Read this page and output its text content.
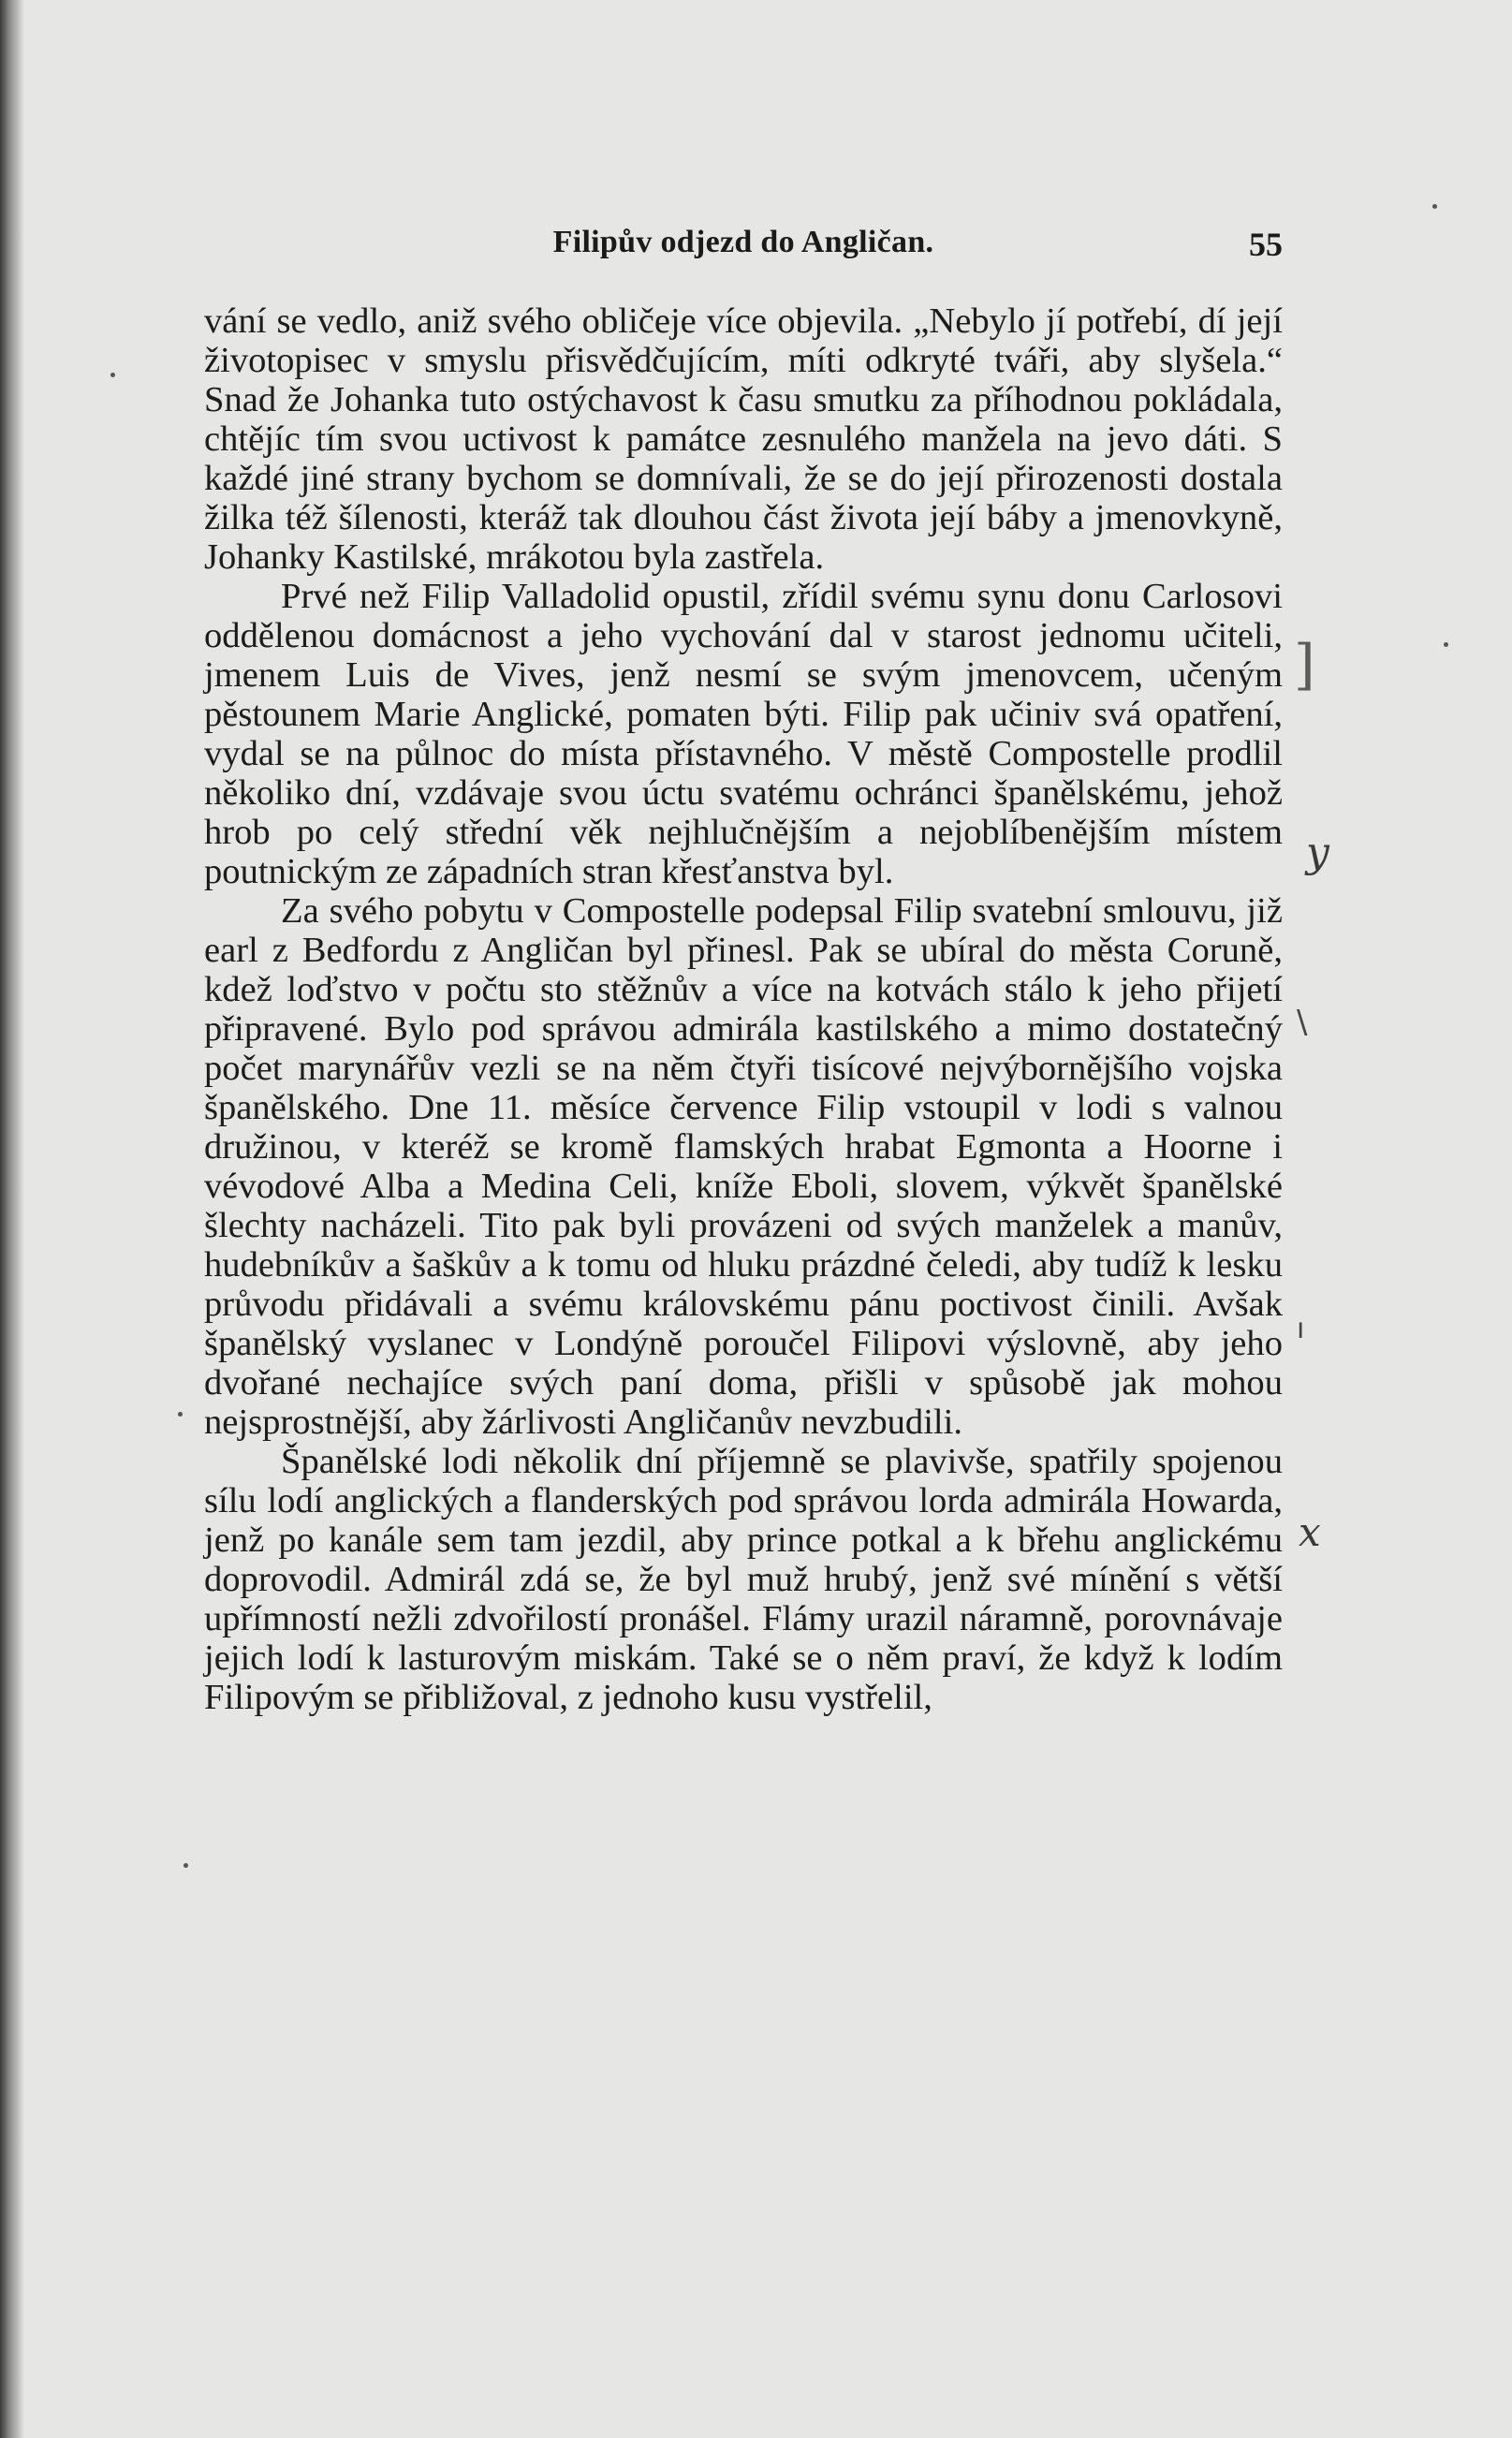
Filipův odjezd do Angličan.	55

vání se vedlo, aniž svého obličeje více objevila. „Nebylo jí potřebí, dí její životopisec v smyslu přisvědčujícím, míti odkryté tváři, aby slyšela.“ Snad že Johanka tuto ostýchavost k času smutku za příhodnou pokládala, chtějíc tím svou uctivost k památce zesnulého manžela na jevo dáti. S každé jiné strany bychom se domnívali, že se do její přirozenosti dostala žilka též šílenosti, kteráž tak dlouhou část života její báby a jmenovkyně, Johanky Kastilské, mrákotou byla zastřela.

Prvé než Filip Valladolid opustil, zřídil svému synu donu Carlosovi oddělenou domácnost a jeho vychování dal v starost jednomu učiteli, jmenem Luis de Vives, jenž nesmí se svým jmenovcem, učeným pěstounem Marie Anglické, pomaten býti. Filip pak učiniv svá opatření, vydal se na půlnoc do místa přístavného. V městě Compostelle prodlil několiko dní, vzdávaje svou úctu svatému ochránci španělskému, jehož hrob po celý střední věk nejhlučnějším a nejoblíbenějším místem poutnickým ze západních stran křesťanstva byl.

Za svého pobytu v Compostelle podepsal Filip svatební smlouvu, již earl z Bedfordu z Angličan byl přinesl. Pak se ubíral do města Coruně, kdež loďstvo v počtu sto stěžnův a více na kotvách stálo k jeho přijetí připravené. Bylo pod správou admirála kastilského a mimo dostatečný počet marynářův vezli se na něm čtyři tisícové nejvýbornějšího vojska španělského. Dne 11. měsíce července Filip vstoupil v lodi s valnou družinou, v kteréž se kromě flamských hrabat Egmonta a Hoorne i vévodové Alba a Medina Celi, kníže Eboli, slovem, výkvět španělské šlechty nacházeli. Tito pak byli provázeni od svých manželek a manův, hudebníkův a šaškův a k tomu od hluku prázdné čeledi, aby tudíž k lesku průvodu přidávali a svému královskému pánu poctivost činili. Avšak španělský vyslanec v Londýně poroučel Filipovi výslovně, aby jeho dvořané nechajíce svých paní doma, přišli v spůsobě jak mohou nejsprostnější, aby žárlivosti Angličanův nevzbudili.

Španělské lodi několik dní příjemně se plavivše, spatřily spojenou sílu lodí anglických a flanderských pod správou lorda admirála Howarda, jenž po kanále sem tam jezdil, aby prince potkal a k břehu anglickému doprovodil. Admirál zdá se, že byl muž hrubý, jenž své mínění s větší upřímností nežli zdvořilostí pronášel. Flámy urazil náramně, porovnávaje jejich lodí k lasturovým miskám. Také se o něm praví, že když k lodím Filipovým se přibližoval, z jednoho kusu vystřelil,

]
y
\
ı
x
